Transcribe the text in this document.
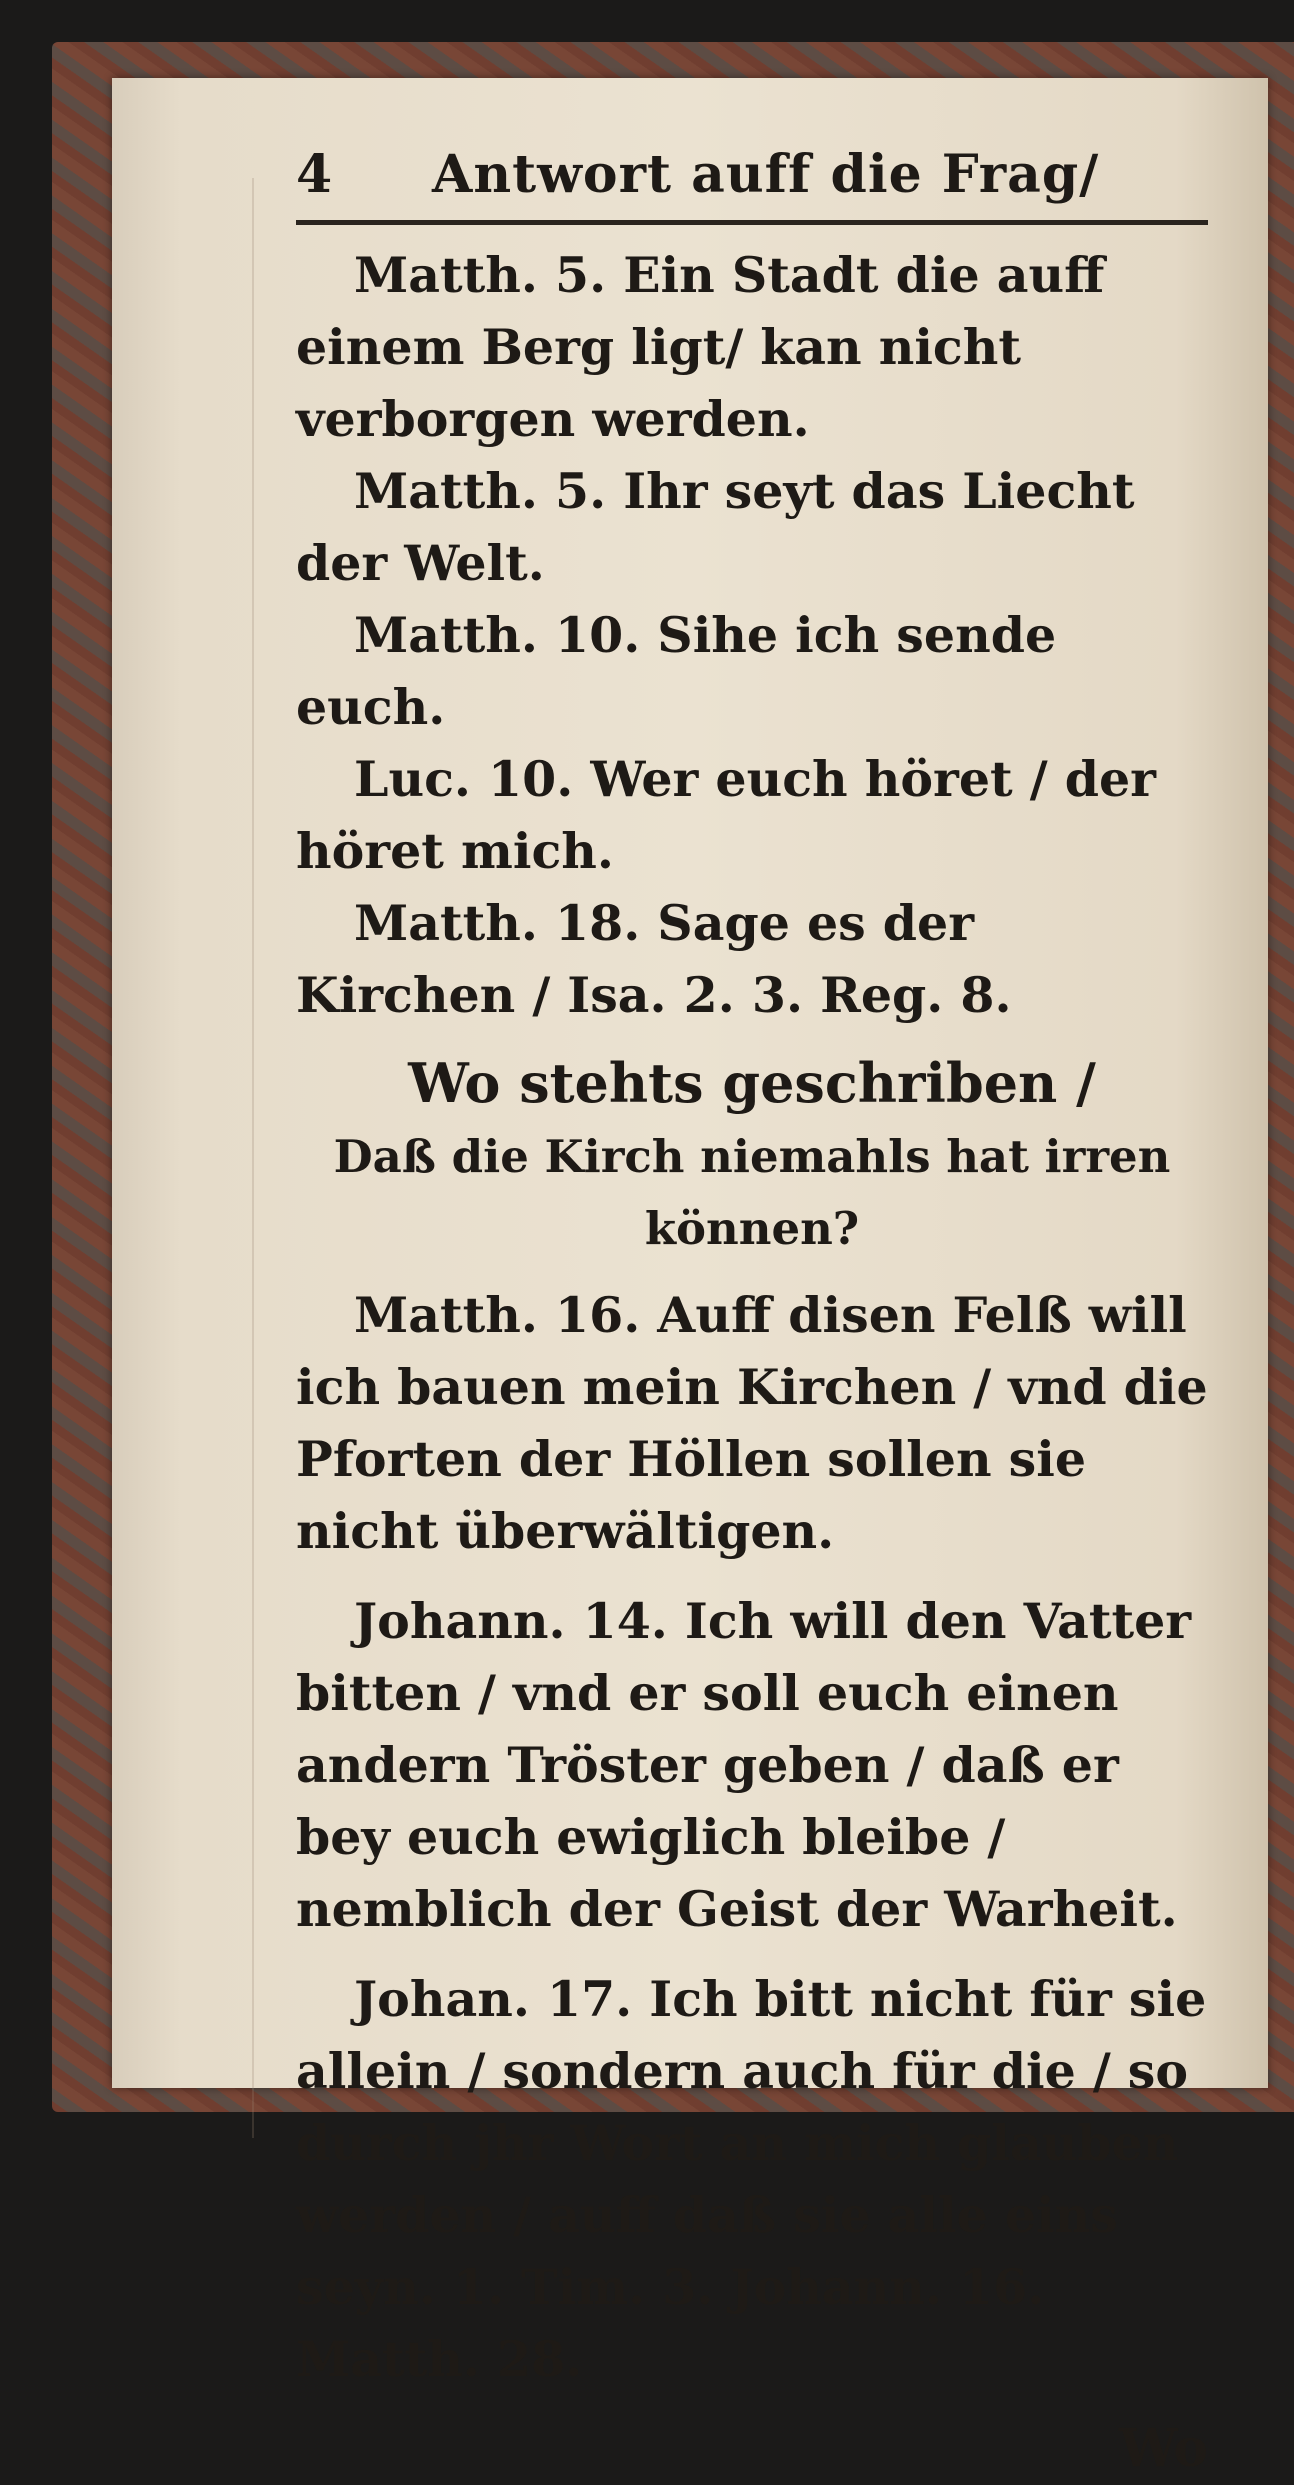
4 Antwort auff die Frag/

Matth. 5. Ein Stadt die auff einem Berg ligt/ kan nicht verborgen werden.

Matth. 5. Ihr seyt das Liecht der Welt.

Matth. 10. Sihe ich sende euch.

Luc. 10. Wer euch höret / der höret mich.

Matth. 18. Sage es der Kirchen / Isa. 2. 3. Reg. 8.

Wo stehts geschriben /
Daß die Kirch niemahls hat irren können?

Matth. 16. Auff disen Felß will ich bauen mein Kirchen / vnd die Pforten der Höllen sollen sie nicht überwältigen.

Johann. 14. Ich will den Vatter bitten / vnd er soll euch einen andern Tröster geben / daß er bey euch ewiglich bleibe / nemblich der Geist der Warheit.

Johan. 17. Ich bitt nicht für sie allein / sondern auch für die / so durch jhr Wort an mich glauben werden / auff daß sie alle eins seyn. 1. Tim. 3. Johann. 16. Matth. 28.

Wo
